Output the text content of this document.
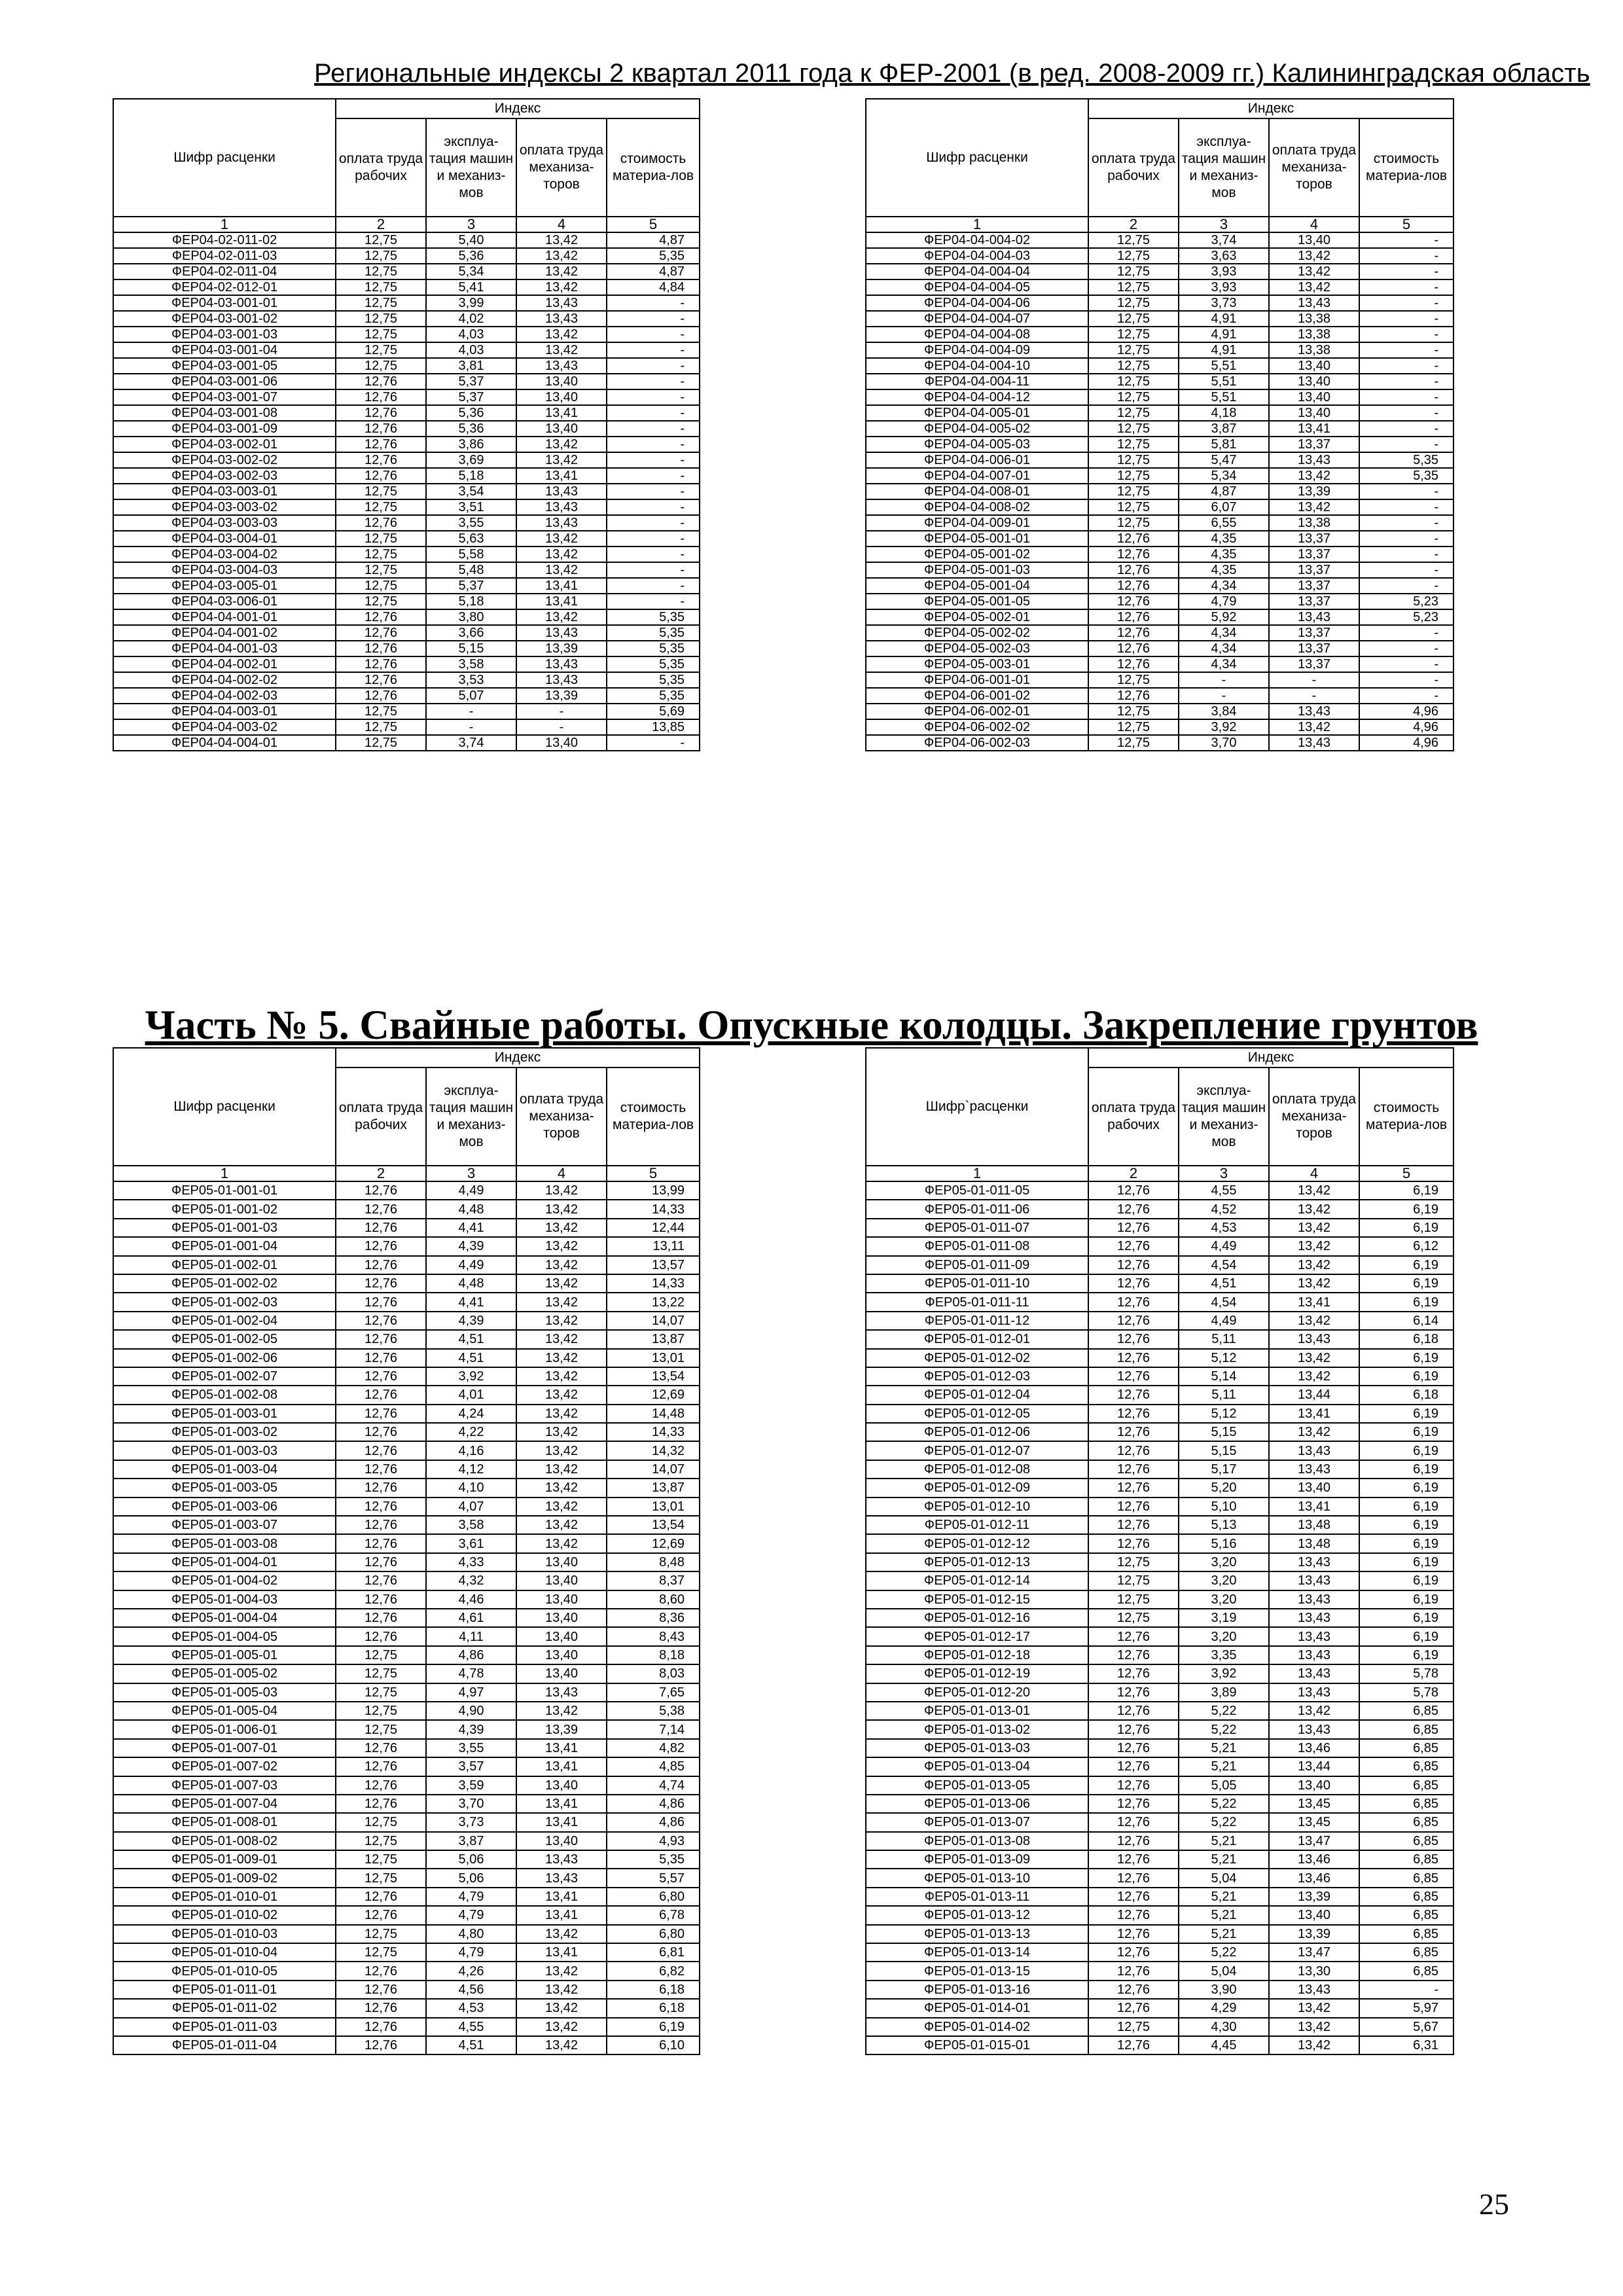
Региональные индексы 2 квартал 2011 года к ФЕР-2001 (в ред. 2008-2009 гг.) Калининградская область
Шифр расценки	Индекс			
	оплата труда рабочих	эксплуа-тация машин и механиз-мов	оплата труда механиза-торов	стоимость материа-лов
1	2	3	4	5
ФЕР04-02-011-02	12,75	5,40	13,42	4,87
ФЕР04-02-011-03	12,75	5,36	13,42	5,35
ФЕР04-02-011-04	12,75	5,34	13,42	4,87
ФЕР04-02-012-01	12,75	5,41	13,42	4,84
ФЕР04-03-001-01	12,75	3,99	13,43	-
ФЕР04-03-001-02	12,75	4,02	13,43	-
ФЕР04-03-001-03	12,75	4,03	13,42	-
ФЕР04-03-001-04	12,75	4,03	13,42	-
ФЕР04-03-001-05	12,75	3,81	13,43	-
ФЕР04-03-001-06	12,76	5,37	13,40	-
ФЕР04-03-001-07	12,76	5,37	13,40	-
ФЕР04-03-001-08	12,76	5,36	13,41	-
ФЕР04-03-001-09	12,76	5,36	13,40	-
ФЕР04-03-002-01	12,76	3,86	13,42	-
ФЕР04-03-002-02	12,76	3,69	13,42	-
ФЕР04-03-002-03	12,76	5,18	13,41	-
ФЕР04-03-003-01	12,75	3,54	13,43	-
ФЕР04-03-003-02	12,75	3,51	13,43	-
ФЕР04-03-003-03	12,76	3,55	13,43	-
ФЕР04-03-004-01	12,75	5,63	13,42	-
ФЕР04-03-004-02	12,75	5,58	13,42	-
ФЕР04-03-004-03	12,75	5,48	13,42	-
ФЕР04-03-005-01	12,75	5,37	13,41	-
ФЕР04-03-006-01	12,75	5,18	13,41	-
ФЕР04-04-001-01	12,76	3,80	13,42	5,35
ФЕР04-04-001-02	12,76	3,66	13,43	5,35
ФЕР04-04-001-03	12,76	5,15	13,39	5,35
ФЕР04-04-002-01	12,76	3,58	13,43	5,35
ФЕР04-04-002-02	12,76	3,53	13,43	5,35
ФЕР04-04-002-03	12,76	5,07	13,39	5,35
ФЕР04-04-003-01	12,75	-	-	5,69
ФЕР04-04-003-02	12,75	-	-	13,85
ФЕР04-04-004-01	12,75	3,74	13,40	-
Шифр расценки	Индекс			
	оплата труда рабочих	эксплуа-тация машин и механиз-мов	оплата труда механиза-торов	стоимость материа-лов
1	2	3	4	5
ФЕР04-04-004-02	12,75	3,74	13,40	-
ФЕР04-04-004-03	12,75	3,63	13,42	-
ФЕР04-04-004-04	12,75	3,93	13,42	-
ФЕР04-04-004-05	12,75	3,93	13,42	-
ФЕР04-04-004-06	12,75	3,73	13,43	-
ФЕР04-04-004-07	12,75	4,91	13,38	-
ФЕР04-04-004-08	12,75	4,91	13,38	-
ФЕР04-04-004-09	12,75	4,91	13,38	-
ФЕР04-04-004-10	12,75	5,51	13,40	-
ФЕР04-04-004-11	12,75	5,51	13,40	-
ФЕР04-04-004-12	12,75	5,51	13,40	-
ФЕР04-04-005-01	12,75	4,18	13,40	-
ФЕР04-04-005-02	12,75	3,87	13,41	-
ФЕР04-04-005-03	12,75	5,81	13,37	-
ФЕР04-04-006-01	12,75	5,47	13,43	5,35
ФЕР04-04-007-01	12,75	5,34	13,42	5,35
ФЕР04-04-008-01	12,75	4,87	13,39	-
ФЕР04-04-008-02	12,75	6,07	13,42	-
ФЕР04-04-009-01	12,75	6,55	13,38	-
ФЕР04-05-001-01	12,76	4,35	13,37	-
ФЕР04-05-001-02	12,76	4,35	13,37	-
ФЕР04-05-001-03	12,76	4,35	13,37	-
ФЕР04-05-001-04	12,76	4,34	13,37	-
ФЕР04-05-001-05	12,76	4,79	13,37	5,23
ФЕР04-05-002-01	12,76	5,92	13,43	5,23
ФЕР04-05-002-02	12,76	4,34	13,37	-
ФЕР04-05-002-03	12,76	4,34	13,37	-
ФЕР04-05-003-01	12,76	4,34	13,37	-
ФЕР04-06-001-01	12,75	-	-	-
ФЕР04-06-001-02	12,76	-	-	-
ФЕР04-06-002-01	12,75	3,84	13,43	4,96
ФЕР04-06-002-02	12,75	3,92	13,42	4,96
ФЕР04-06-002-03	12,75	3,70	13,43	4,96
Часть № 5. Свайные работы. Опускные колодцы. Закрепление грунтов
Шифр расценки	Индекс			
	оплата труда рабочих	эксплуа-тация машин и механиз-мов	оплата труда механиза-торов	стоимость материа-лов
1	2	3	4	5
ФЕР05-01-001-01	12,76	4,49	13,42	13,99
ФЕР05-01-001-02	12,76	4,48	13,42	14,33
ФЕР05-01-001-03	12,76	4,41	13,42	12,44
ФЕР05-01-001-04	12,76	4,39	13,42	13,11
ФЕР05-01-002-01	12,76	4,49	13,42	13,57
ФЕР05-01-002-02	12,76	4,48	13,42	14,33
ФЕР05-01-002-03	12,76	4,41	13,42	13,22
ФЕР05-01-002-04	12,76	4,39	13,42	14,07
ФЕР05-01-002-05	12,76	4,51	13,42	13,87
ФЕР05-01-002-06	12,76	4,51	13,42	13,01
ФЕР05-01-002-07	12,76	3,92	13,42	13,54
ФЕР05-01-002-08	12,76	4,01	13,42	12,69
ФЕР05-01-003-01	12,76	4,24	13,42	14,48
ФЕР05-01-003-02	12,76	4,22	13,42	14,33
ФЕР05-01-003-03	12,76	4,16	13,42	14,32
ФЕР05-01-003-04	12,76	4,12	13,42	14,07
ФЕР05-01-003-05	12,76	4,10	13,42	13,87
ФЕР05-01-003-06	12,76	4,07	13,42	13,01
ФЕР05-01-003-07	12,76	3,58	13,42	13,54
ФЕР05-01-003-08	12,76	3,61	13,42	12,69
ФЕР05-01-004-01	12,76	4,33	13,40	8,48
ФЕР05-01-004-02	12,76	4,32	13,40	8,37
ФЕР05-01-004-03	12,76	4,46	13,40	8,60
ФЕР05-01-004-04	12,76	4,61	13,40	8,36
ФЕР05-01-004-05	12,76	4,11	13,40	8,43
ФЕР05-01-005-01	12,75	4,86	13,40	8,18
ФЕР05-01-005-02	12,75	4,78	13,40	8,03
ФЕР05-01-005-03	12,75	4,97	13,43	7,65
ФЕР05-01-005-04	12,75	4,90	13,42	5,38
ФЕР05-01-006-01	12,75	4,39	13,39	7,14
ФЕР05-01-007-01	12,76	3,55	13,41	4,82
ФЕР05-01-007-02	12,76	3,57	13,41	4,85
ФЕР05-01-007-03	12,76	3,59	13,40	4,74
ФЕР05-01-007-04	12,76	3,70	13,41	4,86
ФЕР05-01-008-01	12,75	3,73	13,41	4,86
ФЕР05-01-008-02	12,75	3,87	13,40	4,93
ФЕР05-01-009-01	12,75	5,06	13,43	5,35
ФЕР05-01-009-02	12,75	5,06	13,43	5,57
ФЕР05-01-010-01	12,76	4,79	13,41	6,80
ФЕР05-01-010-02	12,76	4,79	13,41	6,78
ФЕР05-01-010-03	12,75	4,80	13,42	6,80
ФЕР05-01-010-04	12,75	4,79	13,41	6,81
ФЕР05-01-010-05	12,76	4,26	13,42	6,82
ФЕР05-01-011-01	12,76	4,56	13,42	6,18
ФЕР05-01-011-02	12,76	4,53	13,42	6,18
ФЕР05-01-011-03	12,76	4,55	13,42	6,19
ФЕР05-01-011-04	12,76	4,51	13,42	6,10
Шифр`расценки	Индекс			
	оплата труда рабочих	эксплуа-тация машин и механиз-мов	оплата труда механиза-торов	стоимость материа-лов
1	2	3	4	5
ФЕР05-01-011-05	12,76	4,55	13,42	6,19
ФЕР05-01-011-06	12,76	4,52	13,42	6,19
ФЕР05-01-011-07	12,76	4,53	13,42	6,19
ФЕР05-01-011-08	12,76	4,49	13,42	6,12
ФЕР05-01-011-09	12,76	4,54	13,42	6,19
ФЕР05-01-011-10	12,76	4,51	13,42	6,19
ФЕР05-01-011-11	12,76	4,54	13,41	6,19
ФЕР05-01-011-12	12,76	4,49	13,42	6,14
ФЕР05-01-012-01	12,76	5,11	13,43	6,18
ФЕР05-01-012-02	12,76	5,12	13,42	6,19
ФЕР05-01-012-03	12,76	5,14	13,42	6,19
ФЕР05-01-012-04	12,76	5,11	13,44	6,18
ФЕР05-01-012-05	12,76	5,12	13,41	6,19
ФЕР05-01-012-06	12,76	5,15	13,42	6,19
ФЕР05-01-012-07	12,76	5,15	13,43	6,19
ФЕР05-01-012-08	12,76	5,17	13,43	6,19
ФЕР05-01-012-09	12,76	5,20	13,40	6,19
ФЕР05-01-012-10	12,76	5,10	13,41	6,19
ФЕР05-01-012-11	12,76	5,13	13,48	6,19
ФЕР05-01-012-12	12,76	5,16	13,48	6,19
ФЕР05-01-012-13	12,75	3,20	13,43	6,19
ФЕР05-01-012-14	12,75	3,20	13,43	6,19
ФЕР05-01-012-15	12,75	3,20	13,43	6,19
ФЕР05-01-012-16	12,75	3,19	13,43	6,19
ФЕР05-01-012-17	12,76	3,20	13,43	6,19
ФЕР05-01-012-18	12,76	3,35	13,43	6,19
ФЕР05-01-012-19	12,76	3,92	13,43	5,78
ФЕР05-01-012-20	12,76	3,89	13,43	5,78
ФЕР05-01-013-01	12,76	5,22	13,42	6,85
ФЕР05-01-013-02	12,76	5,22	13,43	6,85
ФЕР05-01-013-03	12,76	5,21	13,46	6,85
ФЕР05-01-013-04	12,76	5,21	13,44	6,85
ФЕР05-01-013-05	12,76	5,05	13,40	6,85
ФЕР05-01-013-06	12,76	5,22	13,45	6,85
ФЕР05-01-013-07	12,76	5,22	13,45	6,85
ФЕР05-01-013-08	12,76	5,21	13,47	6,85
ФЕР05-01-013-09	12,76	5,21	13,46	6,85
ФЕР05-01-013-10	12,76	5,04	13,46	6,85
ФЕР05-01-013-11	12,76	5,21	13,39	6,85
ФЕР05-01-013-12	12,76	5,21	13,40	6,85
ФЕР05-01-013-13	12,76	5,21	13,39	6,85
ФЕР05-01-013-14	12,76	5,22	13,47	6,85
ФЕР05-01-013-15	12,76	5,04	13,30	6,85
ФЕР05-01-013-16	12,76	3,90	13,43	-
ФЕР05-01-014-01	12,76	4,29	13,42	5,97
ФЕР05-01-014-02	12,75	4,30	13,42	5,67
ФЕР05-01-015-01	12,76	4,45	13,42	6,31
25
